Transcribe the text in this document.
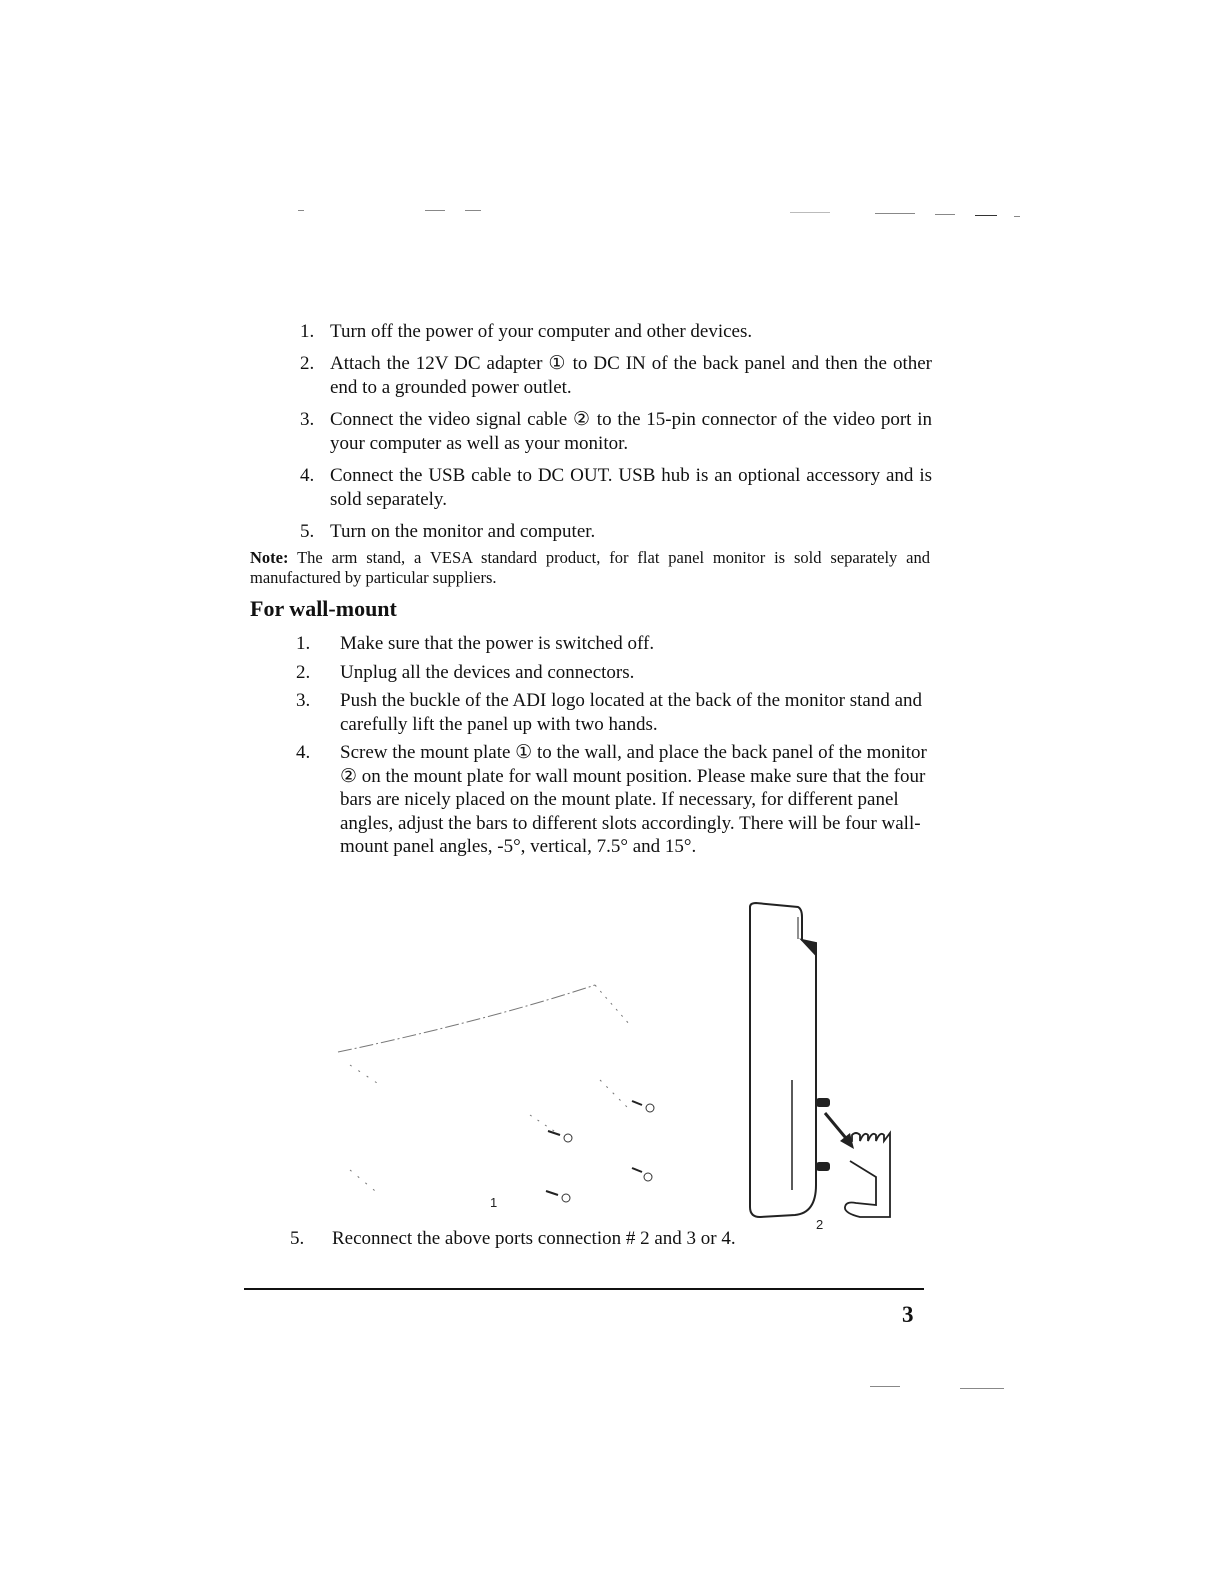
1. Turn off the power of your computer and other devices.
2. Attach the 12V DC adapter ① to DC IN of the back panel and then the other end to a grounded power outlet.
3. Connect the video signal cable ② to the 15-pin connector of the video port in your computer as well as your monitor.
4. Connect the USB cable to DC OUT. USB hub is an optional accessory and is sold separately.
5. Turn on the monitor and computer.
Note: The arm stand, a VESA standard product, for flat panel monitor is sold separately and manufactured by particular suppliers.
For wall-mount
1. Make sure that the power is switched off.
2. Unplug all the devices and connectors.
3. Push the buckle of the ADI logo located at the back of the monitor stand and carefully lift the panel up with two hands.
4. Screw the mount plate ① to the wall, and place the back panel of the monitor ② on the mount plate for wall mount position. Please make sure that the four bars are nicely placed on the mount plate. If necessary, for different panel angles, adjust the bars to different slots accordingly. There will be four wall-mount panel angles, -5°, vertical, 7.5° and 15°.
1
2
5. Reconnect the above ports connection # 2 and 3 or 4.
3
